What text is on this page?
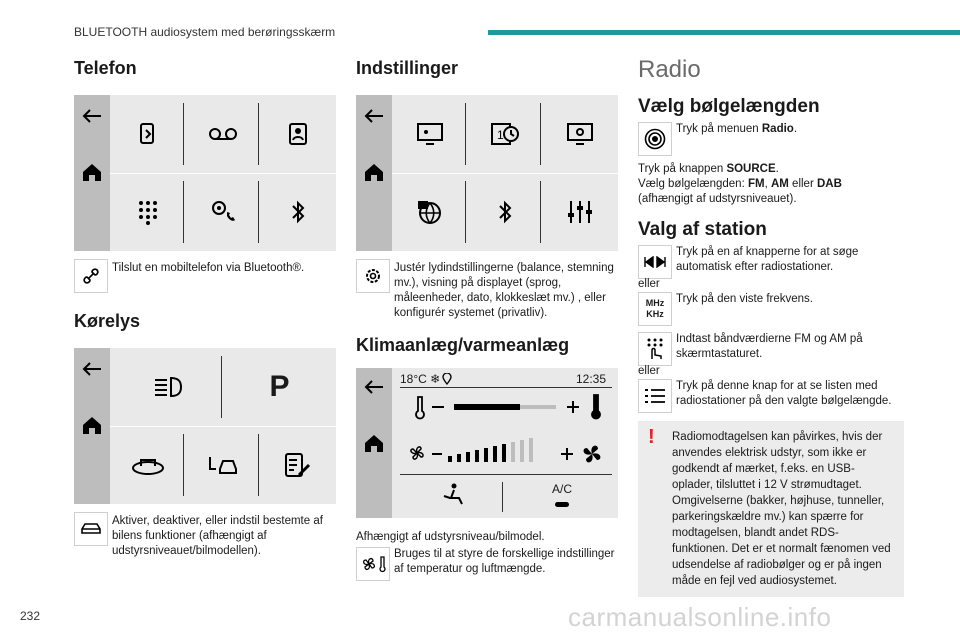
BLUETOOTH audiosystem med berøringsskærm
Telefon
Tilslut en mobiltelefon via Bluetooth®.
Kørelys
P
Aktiver, deaktiver, eller indstil bestemte af bilens funktioner (afhængigt af udstyrsniveauet/bilmodellen).
Indstillinger
1
Justér lydindstillingerne (balance, stemning mv.), visning på displayet (sprog, måleenheder, dato, klokkeslæt mv.) , eller konfigurér systemet (privatliv).
Klimaanlæg/varmeanlæg
18°C ❄	12:35
A/C
Afhængigt af udstyrsniveau/bilmodel.
Bruges til at styre de forskellige indstillinger af temperatur og luftmængde.
Radio
Vælg bølgelængden
Tryk på menuen Radio.
Tryk på knappen SOURCE.
Vælg bølgelængden: FM, AM eller DAB
(afhængigt af udstyrsniveauet).
Valg af station
Tryk på en af knapperne for at søge automatisk efter radiostationer.
eller
MHz
KHz
Tryk på den viste frekvens.
Indtast båndværdierne FM og AM på skærmtastaturet.
eller
Tryk på denne knap for at se listen med radiostationer på den valgte bølgelængde.
!	Radiomodtagelsen kan påvirkes, hvis der anvendes elektrisk udstyr, som ikke er godkendt af mærket, f.eks. en USB-oplader, tilsluttet i 12 V strømudtaget. Omgivelserne (bakker, højhuse, tunneller, parkeringskældre mv.) kan spærre for modtagelsen, blandt andet RDS-funktionen. Det er et normalt fænomen ved udsendelse af radiobølger og er på ingen måde en fejl ved audiosystemet.
232	carmanualsonline.info
